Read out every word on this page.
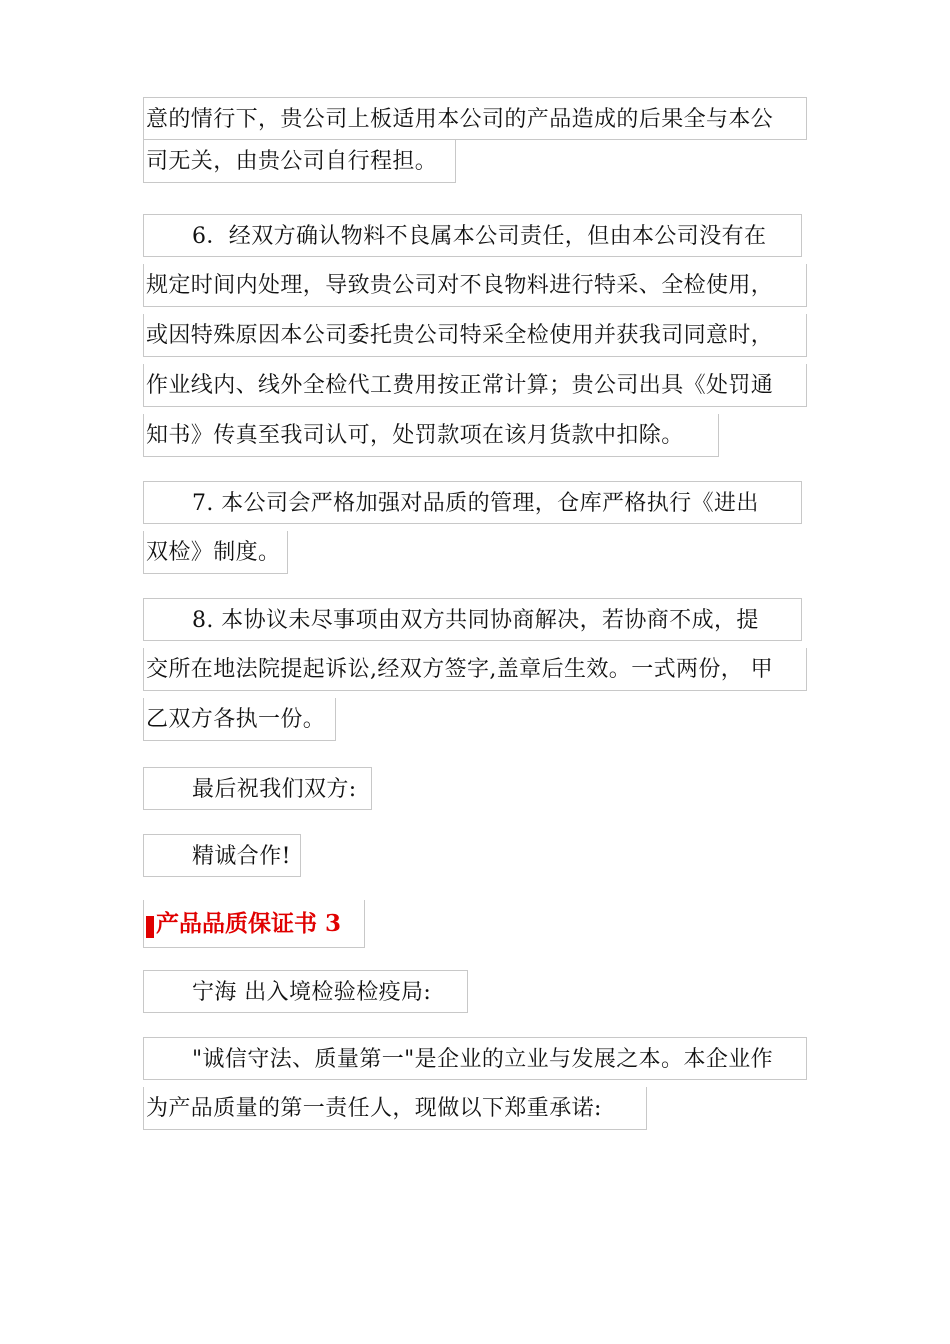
意的情行下，贵公司上板适用本公司的产品造成的后果全与本公
司无关，由贵公司自行程担。
6．经双方确认物料不良属本公司责任，但由本公司没有在
规定时间内处理，导致贵公司对不良物料进行特采、全检使用，
或因特殊原因本公司委托贵公司特采全检使用并获我司同意时，
作业线内、线外全检代工费用按正常计算；贵公司出具《处罚通
知书》传真至我司认可，处罚款项在该月货款中扣除。
7. 本公司会严格加强对品质的管理，仓库严格执行《进出
双检》制度。
8. 本协议未尽事项由双方共同协商解决，若协商不成，提
交所在地法院提起诉讼,经双方签字,盖章后生效。一式两份， 甲
乙双方各执一份。
最后祝我们双方:
精诚合作!
产品品质保证书 3
宁海 出入境检验检疫局:
"诚信守法、质量第一"是企业的立业与发展之本。本企业作
为产品质量的第一责任人，现做以下郑重承诺:
